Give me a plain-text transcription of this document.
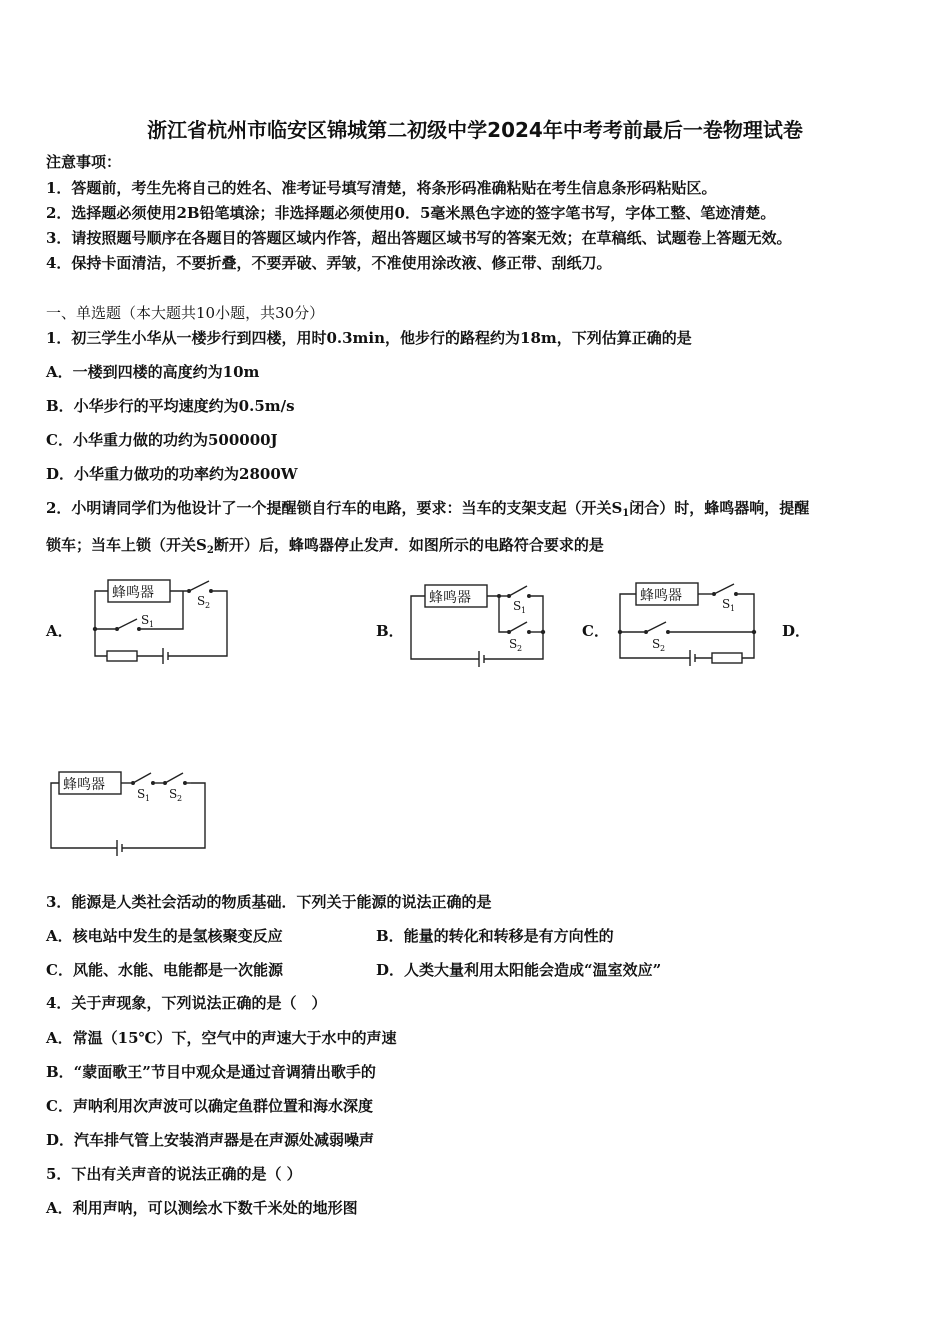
浙江省杭州市临安区锦城第二初级中学2024年中考考前最后一卷物理试卷
注意事项：
1．答题前，考生先将自己的姓名、准考证号填写清楚，将条形码准确粘贴在考生信息条形码粘贴区。
2．选择题必须使用2B铅笔填涂；非选择题必须使用0．5毫米黑色字迹的签字笔书写，字体工整、笔迹清楚。
3．请按照题号顺序在各题目的答题区域内作答，超出答题区域书写的答案无效；在草稿纸、试题卷上答题无效。
4．保持卡面清洁，不要折叠，不要弄破、弄皱，不准使用涂改液、修正带、刮纸刀。
一、单选题（本大题共10小题，共30分）
1．初三学生小华从一楼步行到四楼，用时0.3min，他步行的路程约为18m，下列估算正确的是
A．一楼到四楼的高度约为10m
B．小华步行的平均速度约为0.5m/s
C．小华重力做的功约为500000J
D．小华重力做功的功率约为2800W
2．小明请同学们为他设计了一个提醒锁自行车的电路，要求：当车的支架支起（开关$S_1$闭合）时，蜂鸣器响，提醒
锁车；当车上锁（开关$S_2$断开）后，蜂鸣器停止发声．如图所示的电路符合要求的是
A．	B．	C．	D．
蜂鸣器	S 2
S 1
蜂鸣器	S 1
S 2
蜂鸣器	S 1
S 2
蜂鸣器
S 1 S 2
3．能源是人类社会活动的物质基础．下列关于能源的说法正确的是
A．核电站中发生的是氢核聚变反应	B．能量的转化和转移是有方向性的
C．风能、水能、电能都是一次能源	D．人类大量利用太阳能会造成“温室效应”
4．关于声现象，下列说法正确的是（　）
A．常温（15℃）下，空气中的声速大于水中的声速
B．“蒙面歌王”节目中观众是通过音调猜出歌手的
C．声呐利用次声波可以确定鱼群位置和海水深度
D．汽车排气管上安装消声器是在声源处减弱噪声
5．下出有关声音的说法正确的是（ ）
A．利用声呐，可以测绘水下数千米处的地形图
